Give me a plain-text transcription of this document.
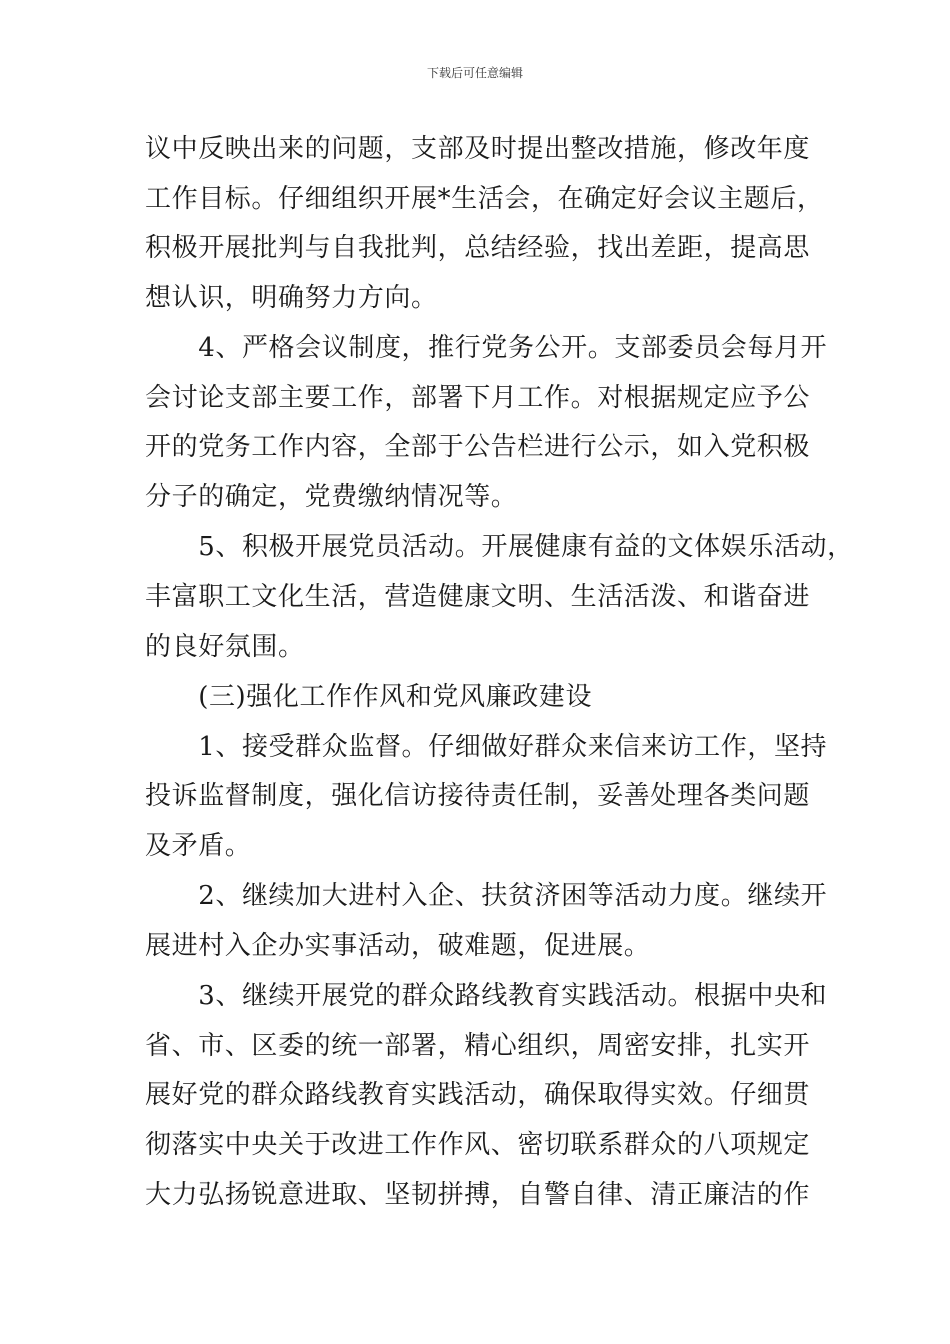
下载后可任意编辑
议中反映出来的问题，支部及时提出整改措施，修改年度
工作目标。仔细组织开展*生活会，在确定好会议主题后，
积极开展批判与自我批判，总结经验，找出差距，提高思
想认识，明确努力方向。
　　4、严格会议制度，推行党务公开。支部委员会每月开
会讨论支部主要工作，部署下月工作。对根据规定应予公
开的党务工作内容，全部于公告栏进行公示，如入党积极
分子的确定，党费缴纳情况等。
　　5、积极开展党员活动。开展健康有益的文体娱乐活动，
丰富职工文化生活，营造健康文明、生活活泼、和谐奋进
的良好氛围。
　　(三)强化工作作风和党风廉政建设
　　1、接受群众监督。仔细做好群众来信来访工作，坚持
投诉监督制度，强化信访接待责任制，妥善处理各类问题
及矛盾。
　　2、继续加大进村入企、扶贫济困等活动力度。继续开
展进村入企办实事活动，破难题，促进展。
　　3、继续开展党的群众路线教育实践活动。根据中央和
省、市、区委的统一部署，精心组织，周密安排，扎实开
展好党的群众路线教育实践活动，确保取得实效。仔细贯
彻落实中央关于改进工作作风、密切联系群众的八项规定
大力弘扬锐意进取、坚韧拼搏，自警自律、清正廉洁的作
